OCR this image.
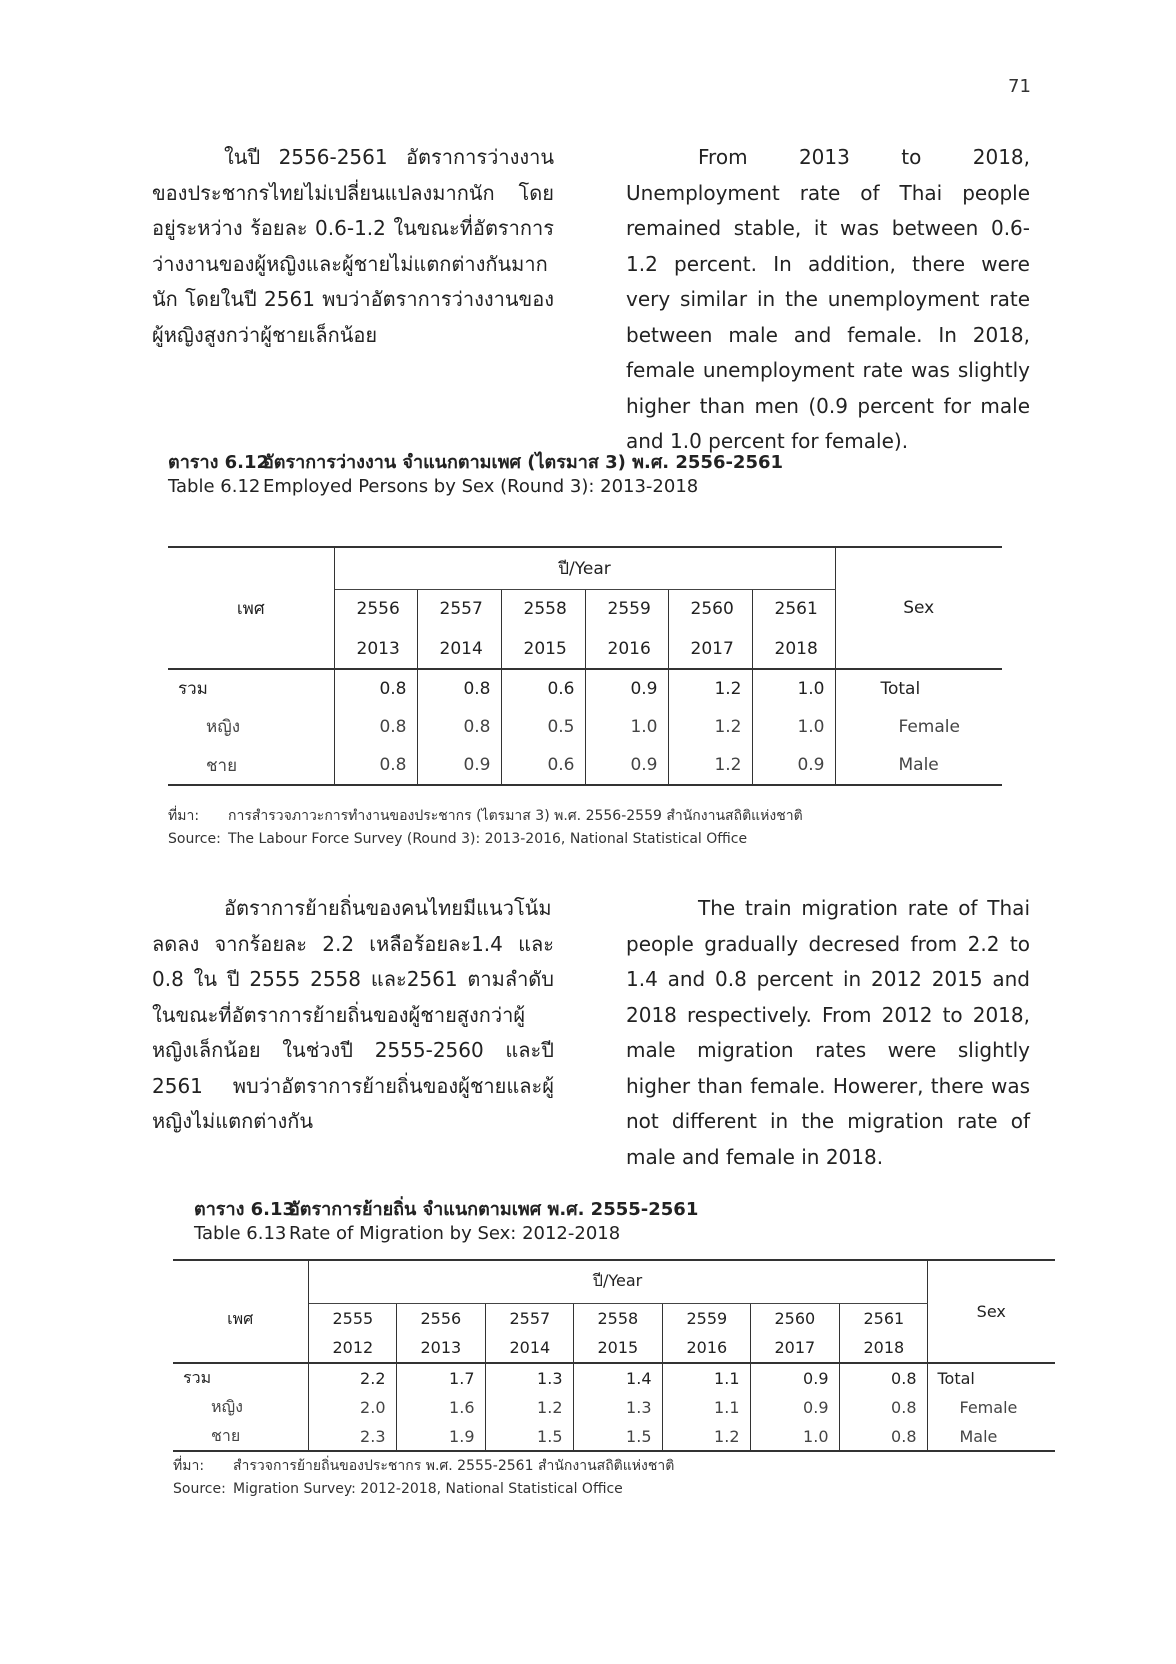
71
ในปี 2556-2561 อัตราการว่างงานของประชากรไทยไม่เปลี่ยนแปลงมากนัก โดยอยู่ระหว่าง ร้อยละ 0.6-1.2 ในขณะที่อัตราการว่างงานของผู้หญิงและผู้ชายไม่แตกต่างกันมากนัก โดยในปี 2561 พบว่าอัตราการว่างงานของผู้หญิงสูงกว่าผู้ชายเล็กน้อย
From 2013 to 2018, Unemployment rate of Thai people remained stable, it was between 0.6-1.2 percent. In addition, there were very similar in the unemployment rate between male and female. In 2018, female unemployment rate was slightly higher than men (0.9 percent for male and 1.0 percent for female).
ตาราง 6.12อัตราการว่างงาน จำแนกตามเพศ (ไตรมาส 3) พ.ศ. 2556-2561
Table 6.12 Employed Persons by Sex (Round 3): 2013-2018
เพศ	ปี/Year						Sex
	2556	2557	2558	2559	2560	2561	
	2013	2014	2015	2016	2017	2018	
รวม	0.8	0.8	0.6	0.9	1.2	1.0	Total
หญิง	0.8	0.8	0.5	1.0	1.2	1.0	Female
ชาย	0.8	0.9	0.6	0.9	1.2	0.9	Male
ที่มา: การสำรวจภาวะการทำงานของประชากร (ไตรมาส 3) พ.ศ. 2556-2559 สำนักงานสถิติแห่งชาติ
Source: The Labour Force Survey (Round 3): 2013-2016, National Statistical Office
อัตราการย้ายถิ่นของคนไทยมีแนวโน้มลดลง จากร้อยละ 2.2 เหลือร้อยละ1.4 และ 0.8 ใน ปี 2555 2558 และ2561 ตามลำดับ ในขณะที่อัตราการย้ายถิ่นของผู้ชายสูงกว่าผู้หญิงเล็กน้อย ในช่วงปี 2555-2560 และปี 2561 พบว่าอัตราการย้ายถิ่นของผู้ชายและผู้หญิงไม่แตกต่างกัน
The train migration rate of Thai people gradually decresed from 2.2 to 1.4 and 0.8 percent in 2012 2015 and 2018 respectively. From 2012 to 2018, male migration rates were slightly higher than female. Howerer, there was not different in the migration rate of male and female in 2018.
ตาราง 6.13อัตราการย้ายถิ่น จำแนกตามเพศ พ.ศ. 2555-2561
Table 6.13 Rate of Migration by Sex: 2012-2018
เพศ	ปี/Year							Sex
	2555	2556	2557	2558	2559	2560	2561	
	2012	2013	2014	2015	2016	2017	2018	
รวม	2.2	1.7	1.3	1.4	1.1	0.9	0.8	Total
หญิง	2.0	1.6	1.2	1.3	1.1	0.9	0.8	Female
ชาย	2.3	1.9	1.5	1.5	1.2	1.0	0.8	Male
ที่มา: สำรวจการย้ายถิ่นของประชากร พ.ศ. 2555-2561 สำนักงานสถิติแห่งชาติ
Source: Migration Survey: 2012-2018, National Statistical Office
